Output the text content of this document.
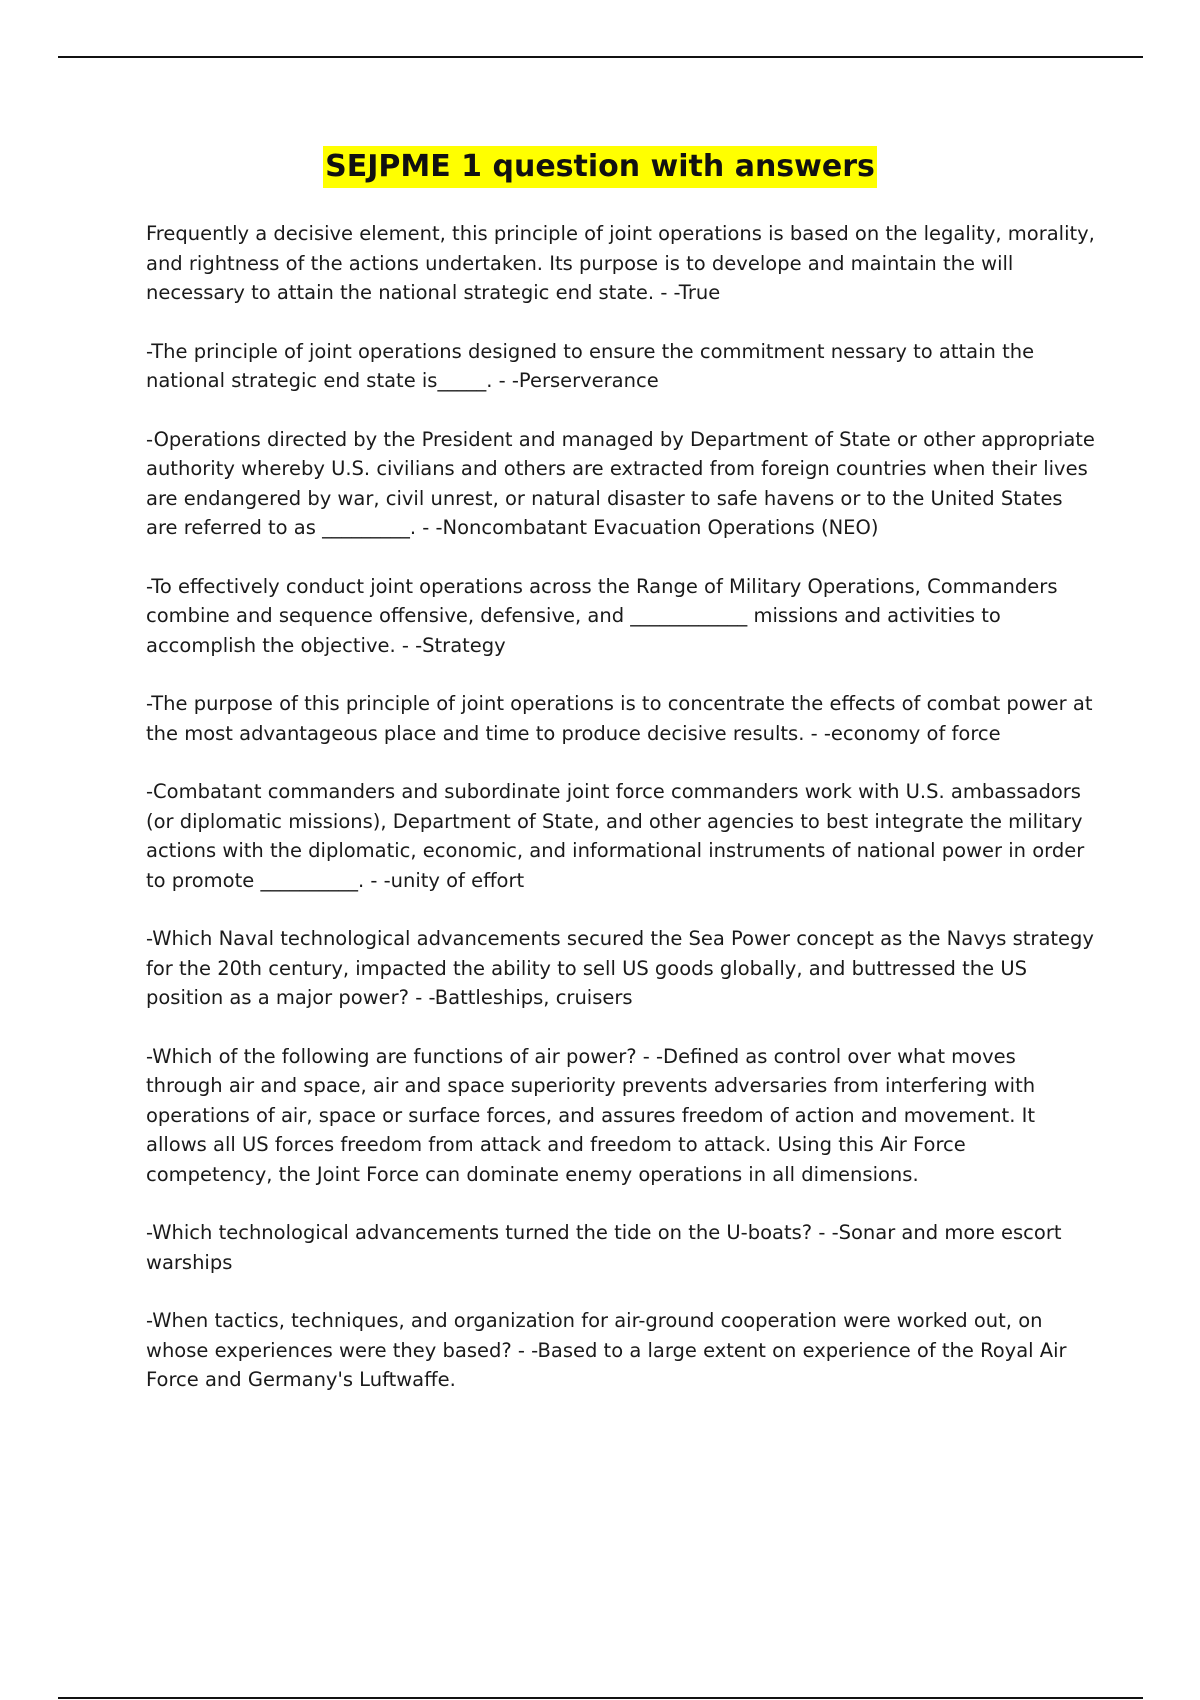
SEJPME 1 question with answers

Frequently a decisive element, this principle of joint operations is based on the legality, morality, and rightness of the actions undertaken. Its purpose is to develope and maintain the will necessary to attain the national strategic end state. - -True

-The principle of joint operations designed to ensure the commitment nessary to attain the national strategic end state is_____. - -Perserverance

-Operations directed by the President and managed by Department of State or other appropriate authority whereby U.S. civilians and others are extracted from foreign countries when their lives are endangered by war, civil unrest, or natural disaster to safe havens or to the United States are referred to as _________. - -Noncombatant Evacuation Operations (NEO)

-To effectively conduct joint operations across the Range of Military Operations, Commanders combine and sequence offensive, defensive, and ____________ missions and activities to accomplish the objective. - -Strategy

-The purpose of this principle of joint operations is to concentrate the effects of combat power at the most advantageous place and time to produce decisive results. - -economy of force

-Combatant commanders and subordinate joint force commanders work with U.S. ambassadors (or diplomatic missions), Department of State, and other agencies to best integrate the military actions with the diplomatic, economic, and informational instruments of national power in order to promote __________. - -unity of effort

-Which Naval technological advancements secured the Sea Power concept as the Navys strategy for the 20th century, impacted the ability to sell US goods globally, and buttressed the US position as a major power? - -Battleships, cruisers

-Which of the following are functions of air power? - -Defined as control over what moves through air and space, air and space superiority prevents adversaries from interfering with operations of air, space or surface forces, and assures freedom of action and movement. It allows all US forces freedom from attack and freedom to attack. Using this Air Force competency, the Joint Force can dominate enemy operations in all dimensions.

-Which technological advancements turned the tide on the U-boats? - -Sonar and more escort warships

-When tactics, techniques, and organization for air-ground cooperation were worked out, on whose experiences were they based? - -Based to a large extent on experience of the Royal Air Force and Germany's Luftwaffe.
